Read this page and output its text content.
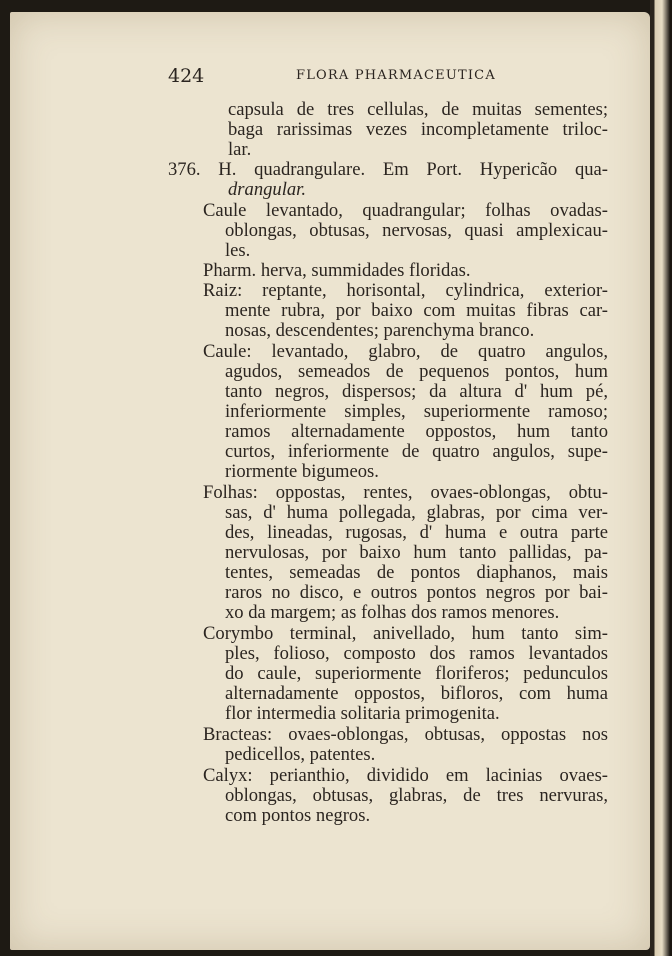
424	FLORA PHARMACEUTICA
capsula de tres cellulas, de muitas sementes;
baga rarissimas vezes incompletamente triloc-
lar.
376. H. quadrangulare. Em Port. Hypericão qua-
drangular.
Caule levantado, quadrangular; folhas ovadas-
oblongas, obtusas, nervosas, quasi amplexicau-
les.
Pharm. herva, summidades floridas.
Raiz: reptante, horisontal, cylindrica, exterior-
mente rubra, por baixo com muitas fibras car-
nosas, descendentes; parenchyma branco.
Caule: levantado, glabro, de quatro angulos,
agudos, semeados de pequenos pontos, hum
tanto negros, dispersos; da altura d' hum pé,
inferiormente simples, superiormente ramoso;
ramos alternadamente oppostos, hum tanto
curtos, inferiormente de quatro angulos, supe-
riormente bigumeos.
Folhas: oppostas, rentes, ovaes-oblongas, obtu-
sas, d' huma pollegada, glabras, por cima ver-
des, lineadas, rugosas, d' huma e outra parte
nervulosas, por baixo hum tanto pallidas, pa-
tentes, semeadas de pontos diaphanos, mais
raros no disco, e outros pontos negros por bai-
xo da margem; as folhas dos ramos menores.
Corymbo terminal, anivellado, hum tanto sim-
ples, folioso, composto dos ramos levantados
do caule, superiormente floriferos; pedunculos
alternadamente oppostos, bifloros, com huma
flor intermedia solitaria primogenita.
Bracteas: ovaes-oblongas, obtusas, oppostas nos
pedicellos, patentes.
Calyx: perianthio, dividido em lacinias ovaes-
oblongas, obtusas, glabras, de tres nervuras,
com pontos negros.
